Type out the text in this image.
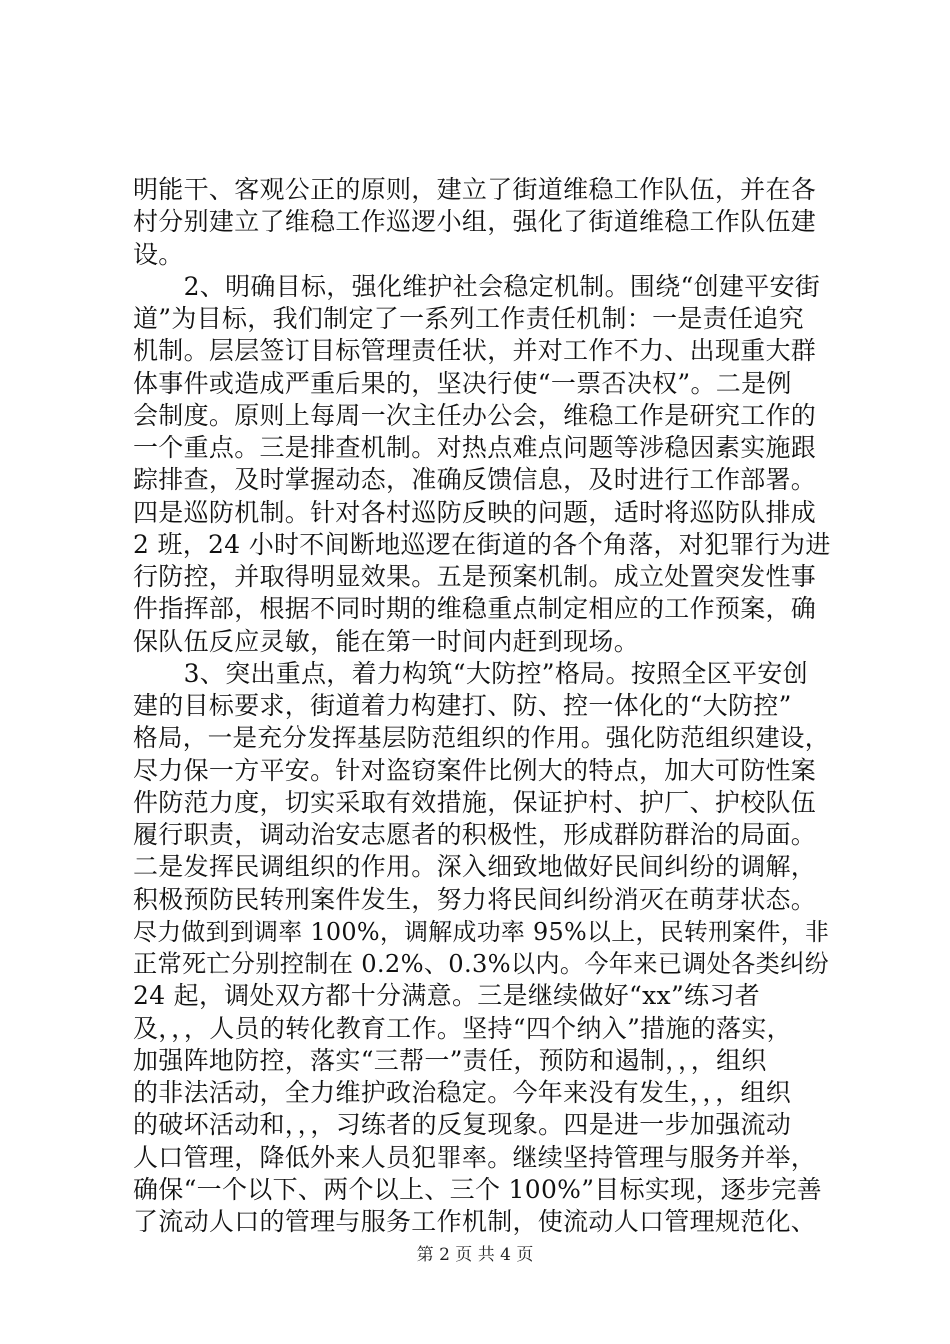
明能干、客观公正的原则，建立了街道维稳工作队伍，并在各
村分别建立了维稳工作巡逻小组，强化了街道维稳工作队伍建
设。
　　2、明确目标，强化维护社会稳定机制。围绕“创建平安街
道”为目标，我们制定了一系列工作责任机制：一是责任追究
机制。层层签订目标管理责任状，并对工作不力、出现重大群
体事件或造成严重后果的，坚决行使“一票否决权”。二是例
会制度。原则上每周一次主任办公会，维稳工作是研究工作的
一个重点。三是排查机制。对热点难点问题等涉稳因素实施跟
踪排查，及时掌握动态，准确反馈信息，及时进行工作部署。
四是巡防机制。针对各村巡防反映的问题，适时将巡防队排成
2 班，24 小时不间断地巡逻在街道的各个角落，对犯罪行为进
行防控，并取得明显效果。五是预案机制。成立处置突发性事
件指挥部，根据不同时期的维稳重点制定相应的工作预案，确
保队伍反应灵敏，能在第一时间内赶到现场。
　　3、突出重点，着力构筑“大防控”格局。按照全区平安创
建的目标要求，街道着力构建打、防、控一体化的“大防控”
格局，一是充分发挥基层防范组织的作用。强化防范组织建设，
尽力保一方平安。针对盗窃案件比例大的特点，加大可防性案
件防范力度，切实采取有效措施，保证护村、护厂、护校队伍
履行职责，调动治安志愿者的积极性，形成群防群治的局面。
二是发挥民调组织的作用。深入细致地做好民间纠纷的调解，
积极预防民转刑案件发生，努力将民间纠纷消灭在萌芽状态。
尽力做到到调率 100%，调解成功率 95%以上，民转刑案件，非
正常死亡分别控制在 0.2%、0.3%以内。今年来已调处各类纠纷
24 起，调处双方都十分满意。三是继续做好“xx”练习者
及，，，人员的转化教育工作。坚持“四个纳入”措施的落实，
加强阵地防控，落实“三帮一”责任，预防和遏制，，，组织
的非法活动，全力维护政治稳定。今年来没有发生，，，组织
的破坏活动和，，，习练者的反复现象。四是进一步加强流动
人口管理，降低外来人员犯罪率。继续坚持管理与服务并举，
确保“一个以下、两个以上、三个 100%”目标实现，逐步完善
了流动人口的管理与服务工作机制，使流动人口管理规范化、
第 2 页 共 4 页
